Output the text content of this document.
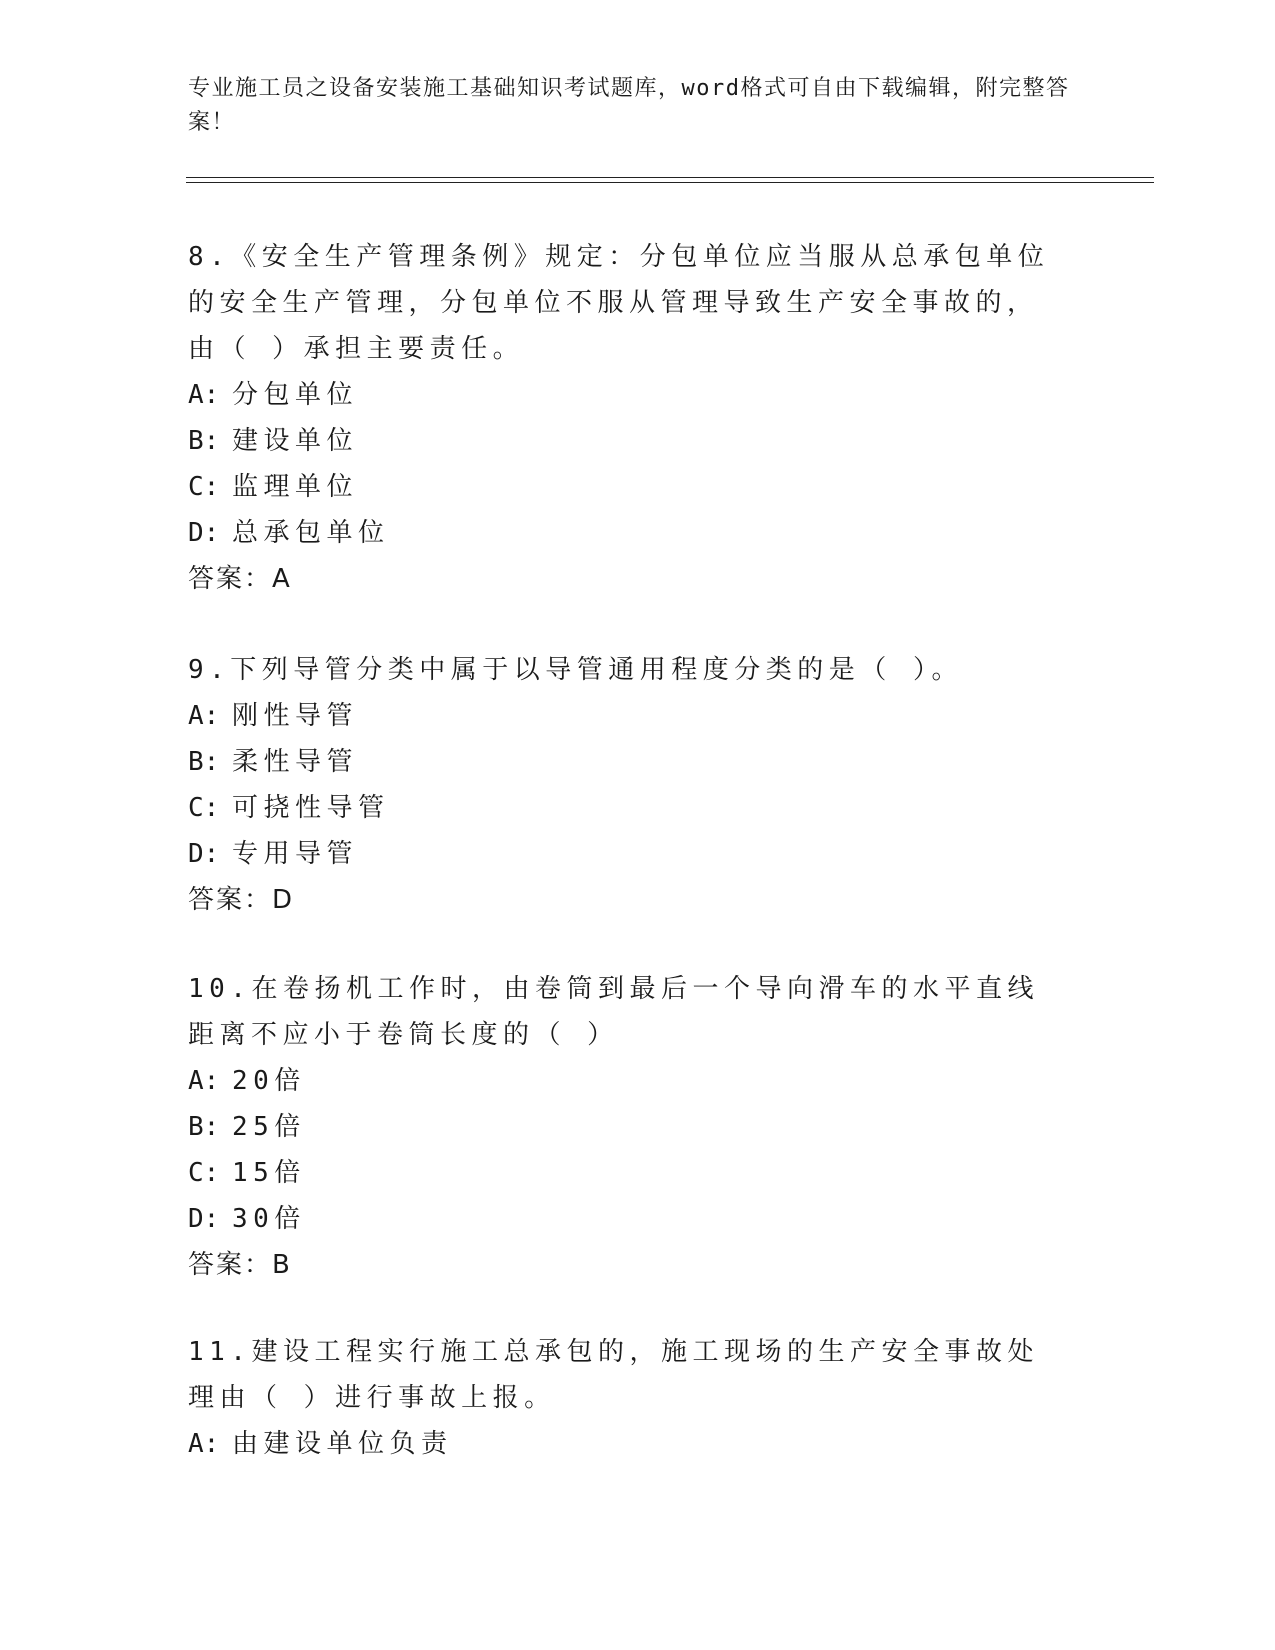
专业施工员之设备安装施工基础知识考试题库，word格式可自由下载编辑，附完整答案！

8.《安全生产管理条例》规定：分包单位应当服从总承包单位的安全生产管理，分包单位不服从管理导致生产安全事故的，由（ ）承担主要责任。

A: 分包单位
B: 建设单位
C: 监理单位
D: 总承包单位
答案：A

9.下列导管分类中属于以导管通用程度分类的是（ ）。

A: 刚性导管
B: 柔性导管
C: 可挠性导管
D: 专用导管
答案：D

10.在卷扬机工作时，由卷筒到最后一个导向滑车的水平直线距离不应小于卷筒长度的（ ）

A: 20倍
B: 25倍
C: 15倍
D: 30倍
答案：B

11.建设工程实行施工总承包的，施工现场的生产安全事故处理由（ ）进行事故上报。

A: 由建设单位负责
